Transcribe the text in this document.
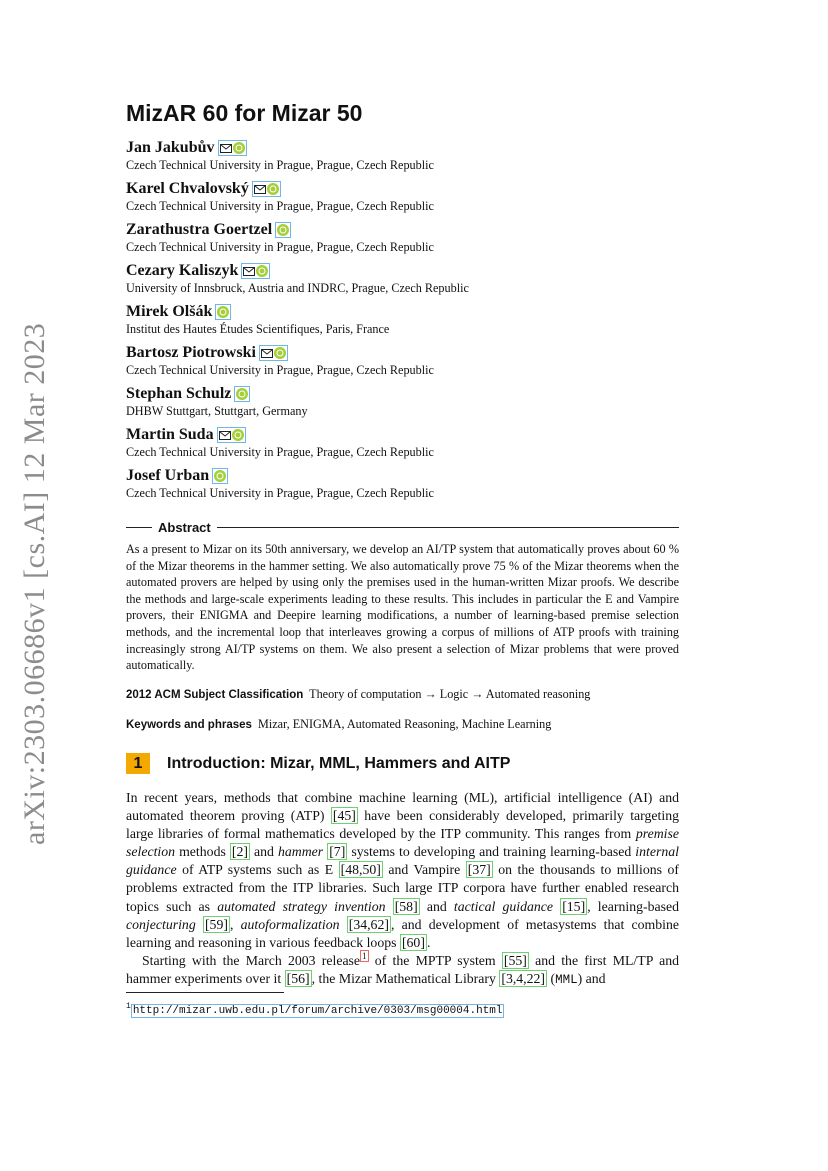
arXiv:2303.06686v1 [cs.AI] 12 Mar 2023
MizAR 60 for Mizar 50
Jan Jakubův
Czech Technical University in Prague, Prague, Czech Republic
Karel Chvalovský
Czech Technical University in Prague, Prague, Czech Republic
Zarathustra Goertzel
Czech Technical University in Prague, Prague, Czech Republic
Cezary Kaliszyk
University of Innsbruck, Austria and INDRC, Prague, Czech Republic
Mirek Olšák
Institut des Hautes Études Scientifiques, Paris, France
Bartosz Piotrowski
Czech Technical University in Prague, Prague, Czech Republic
Stephan Schulz
DHBW Stuttgart, Stuttgart, Germany
Martin Suda
Czech Technical University in Prague, Prague, Czech Republic
Josef Urban
Czech Technical University in Prague, Prague, Czech Republic
Abstract
As a present to Mizar on its 50th anniversary, we develop an AI/TP system that automatically proves about 60 % of the Mizar theorems in the hammer setting. We also automatically prove 75 % of the Mizar theorems when the automated provers are helped by using only the premises used in the human-written Mizar proofs. We describe the methods and large-scale experiments leading to these results. This includes in particular the E and Vampire provers, their ENIGMA and Deepire learning modifications, a number of learning-based premise selection methods, and the incremental loop that interleaves growing a corpus of millions of ATP proofs with training increasingly strong AI/TP systems on them. We also present a selection of Mizar problems that were proved automatically.
2012 ACM Subject Classification Theory of computation → Logic → Automated reasoning
Keywords and phrases Mizar, ENIGMA, Automated Reasoning, Machine Learning
1	Introduction: Mizar, MML, Hammers and AITP

In recent years, methods that combine machine learning (ML), artificial intelligence (AI) and automated theorem proving (ATP) [45] have been considerably developed, primarily targeting large libraries of formal mathematics developed by the ITP community. This ranges from premise selection methods [2] and hammer [7] systems to developing and training learning-based internal guidance of ATP systems such as E [48,50] and Vampire [37] on the thousands to millions of problems extracted from the ITP libraries. Such large ITP corpora have further enabled research topics such as automated strategy invention [58] and tactical guidance [15] , learning-based conjecturing [59] , autoformalization [34,62] , and development of metasystems that combine learning and reasoning in various feedback loops [60] .

Starting with the March 2003 release $^1$ of the MPTP system [55] and the first ML/TP and hammer experiments over it [56] , the Mizar Mathematical Library [3,4,22] (MML) and

$^1$ http://mizar.uwb.edu.pl/forum/archive/0303/msg00004.html
